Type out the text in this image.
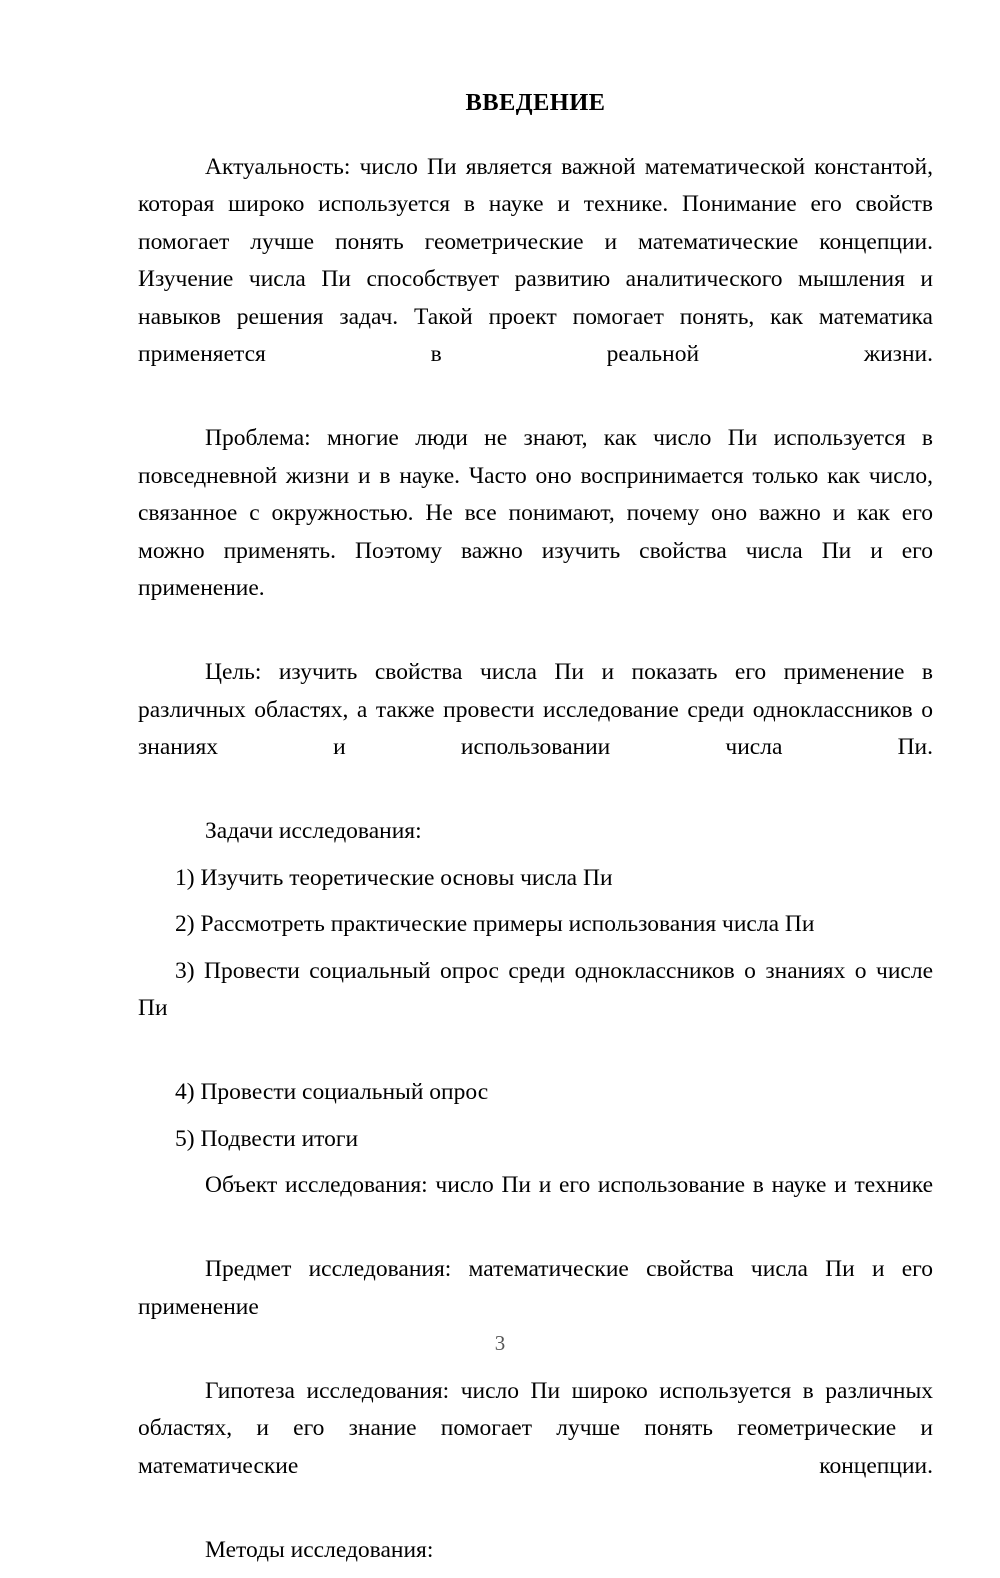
ВВЕДЕНИЕ

Актуальность: число Пи является важной математической константой, которая широко используется в науке и технике. Понимание его свойств помогает лучше понять геометрические и математические концепции. Изучение числа Пи способствует развитию аналитического мышления и навыков решения задач. Такой проект помогает понять, как математика применяется в реальной жизни.

Проблема: многие люди не знают, как число Пи используется в повседневной жизни и в науке. Часто оно воспринимается только как число, связанное с окружностью. Не все понимают, почему оно важно и как его можно применять. Поэтому важно изучить свойства числа Пи и его применение.

Цель: изучить свойства числа Пи и показать его применение в различных областях, а также провести исследование среди одноклассников о знаниях и использовании числа Пи.

Задачи исследования:

1) Изучить теоретические основы числа Пи

2) Рассмотреть практические примеры использования числа Пи

3) Провести социальный опрос среди одноклассников о знаниях о числе Пи

4) Провести социальный опрос

5) Подвести итоги

Объект исследования: число Пи и его использование в науке и технике

Предмет исследования: математические свойства числа Пи и его применение

Гипотеза исследования: число Пи широко используется в различных областях, и его знание помогает лучше понять геометрические и математические концепции.

Методы исследования:

3
